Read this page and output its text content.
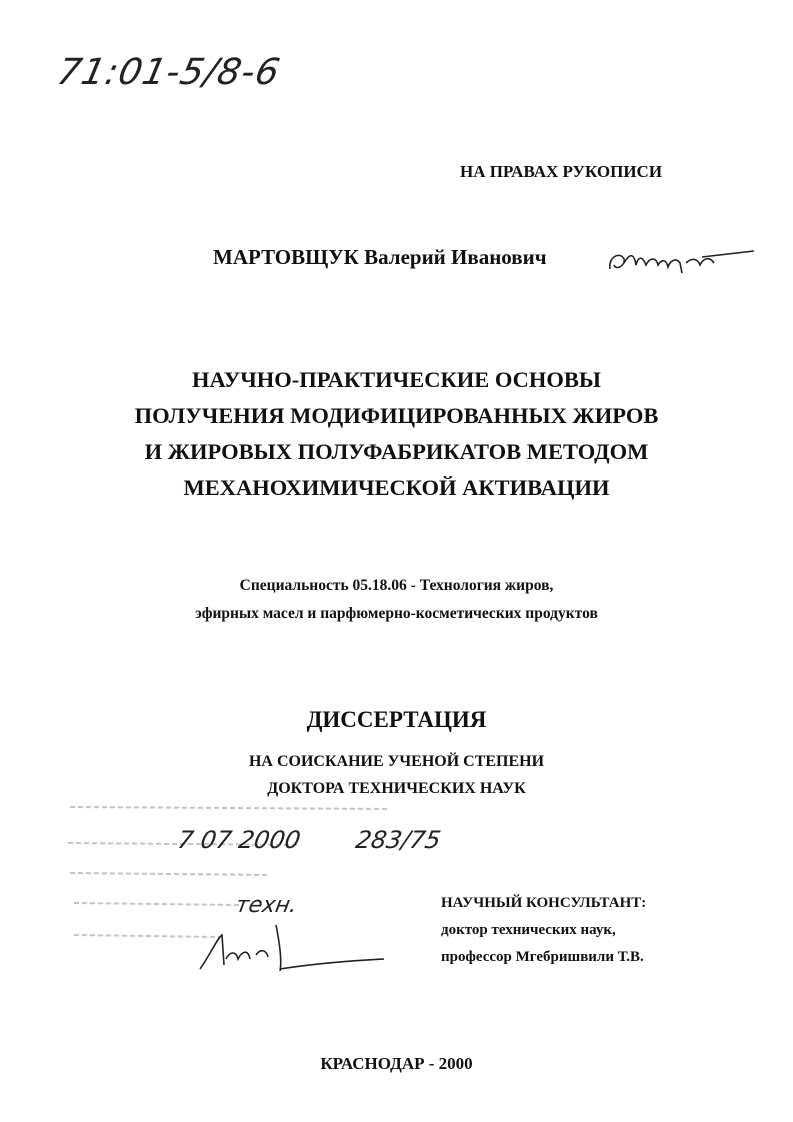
71:01-5/8-6
НА ПРАВАХ РУКОПИСИ
МАРТОВЩУК Валерий Иванович
НАУЧНО-ПРАКТИЧЕСКИЕ ОСНОВЫ
ПОЛУЧЕНИЯ МОДИФИЦИРОВАННЫХ ЖИРОВ
И ЖИРОВЫХ ПОЛУФАБРИКАТОВ МЕТОДОМ
МЕХАНОХИМИЧЕСКОЙ АКТИВАЦИИ
Специальность 05.18.06 - Технология жиров,
эфирных масел и парфюмерно-косметических продуктов
ДИССЕРТАЦИЯ
НА СОИСКАНИЕ УЧЕНОЙ СТЕПЕНИ
ДОКТОРА ТЕХНИЧЕСКИХ НАУК
7 07 2000 283/75
техн.	НАУЧНЫЙ КОНСУЛЬТАНТ:
доктор технических наук,
профессор Мгебришвили Т.В.
КРАСНОДАР - 2000
